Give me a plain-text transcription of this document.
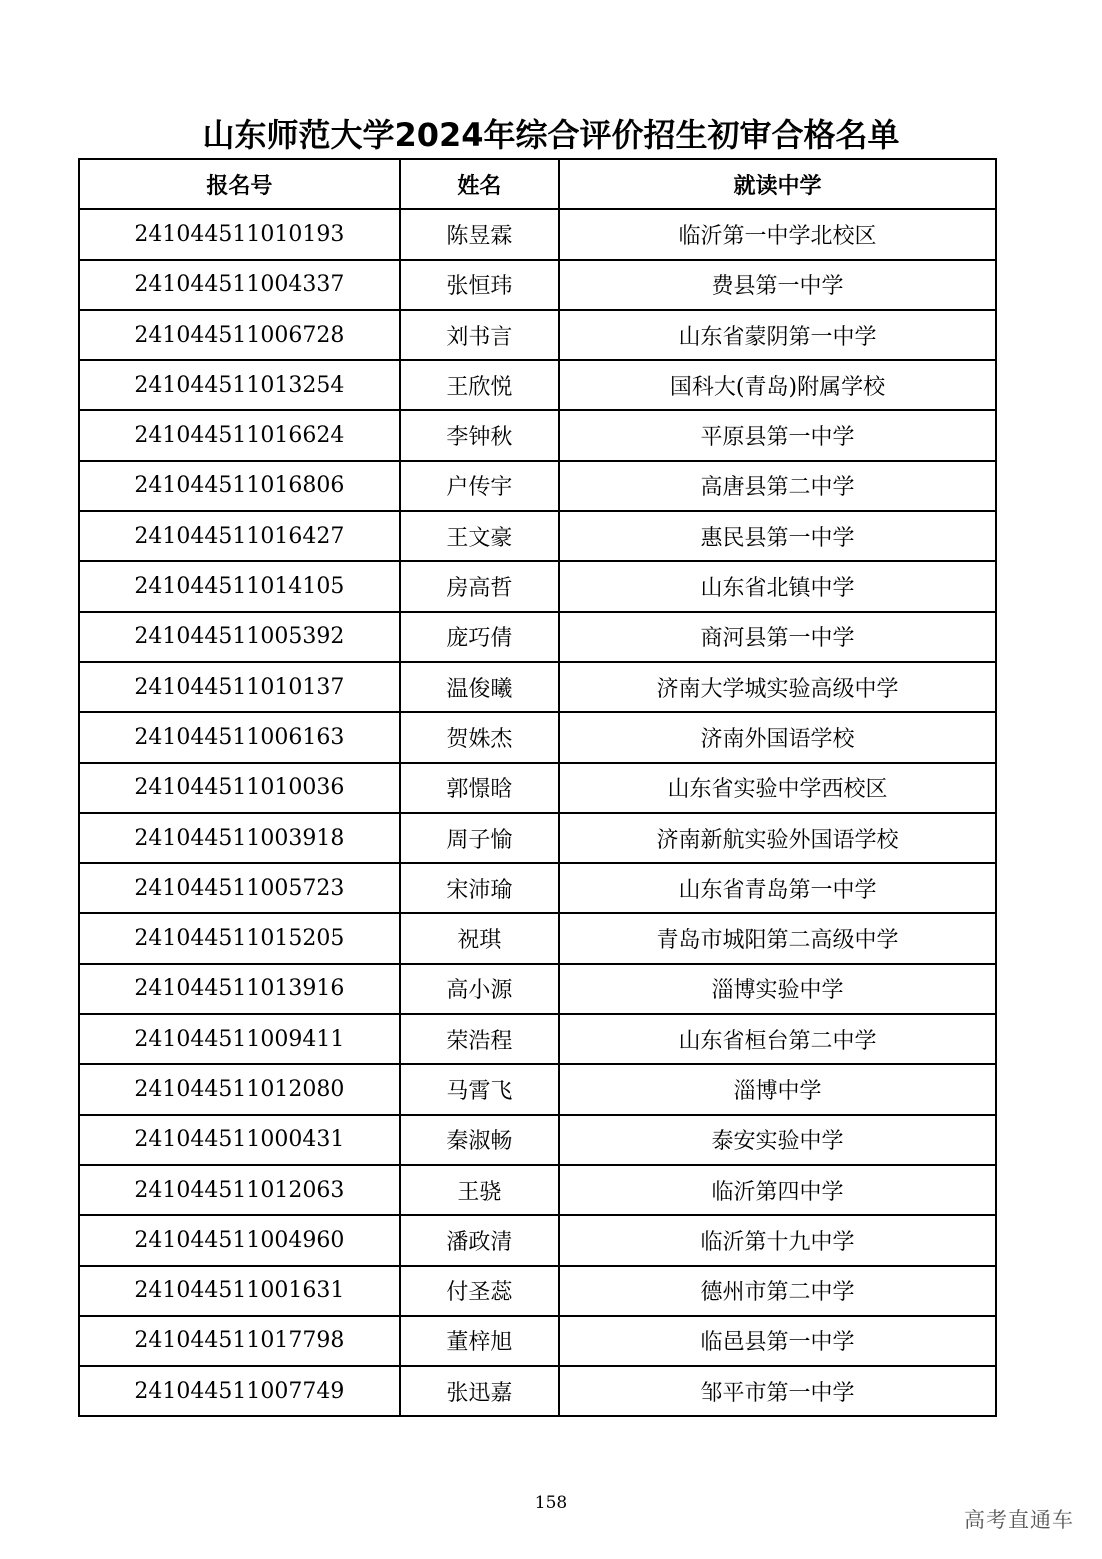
山东师范大学2024年综合评价招生初审合格名单
报名号	姓名	就读中学
241044511010193	陈昱霖	临沂第一中学北校区
241044511004337	张恒玮	费县第一中学
241044511006728	刘书言	山东省蒙阴第一中学
241044511013254	王欣悦	国科大(青岛)附属学校
241044511016624	李钟秋	平原县第一中学
241044511016806	户传宇	高唐县第二中学
241044511016427	王文豪	惠民县第一中学
241044511014105	房高哲	山东省北镇中学
241044511005392	庞巧倩	商河县第一中学
241044511010137	温俊曦	济南大学城实验高级中学
241044511006163	贺姝杰	济南外国语学校
241044511010036	郭憬晗	山东省实验中学西校区
241044511003918	周子愉	济南新航实验外国语学校
241044511005723	宋沛瑜	山东省青岛第一中学
241044511015205	祝琪	青岛市城阳第二高级中学
241044511013916	高小源	淄博实验中学
241044511009411	荣浩程	山东省桓台第二中学
241044511012080	马霄飞	淄博中学
241044511000431	秦淑畅	泰安实验中学
241044511012063	王骁	临沂第四中学
241044511004960	潘政清	临沂第十九中学
241044511001631	付圣蕊	德州市第二中学
241044511017798	董梓旭	临邑县第一中学
241044511007749	张迅嘉	邹平市第一中学
158
高考直通车
